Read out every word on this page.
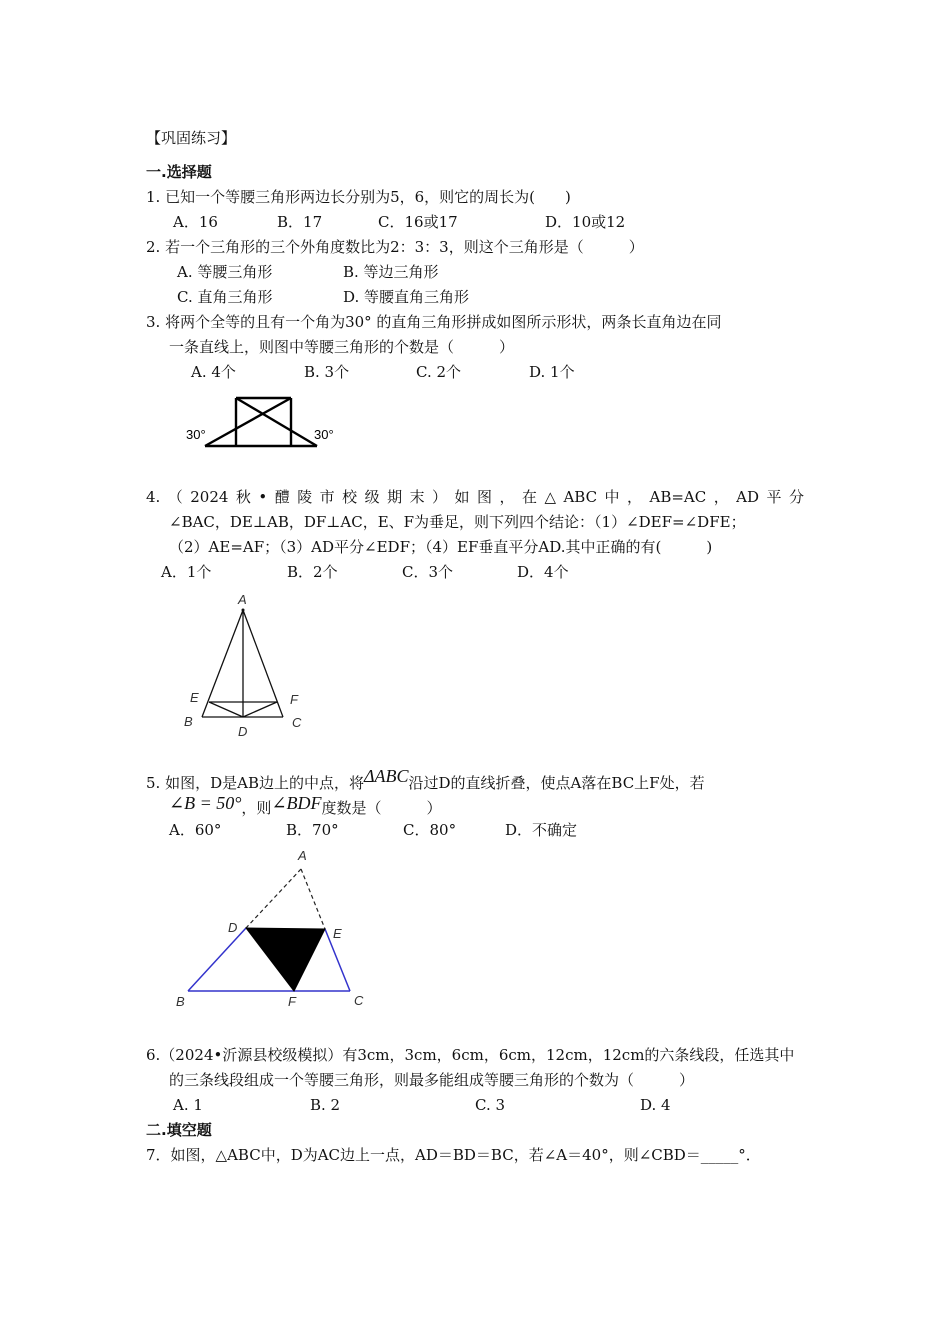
【巩固练习】
一.选择题
1. 已知一个等腰三角形两边长分别为5，6，则它的周长为(　　)
A．16	B．17	C．16或17	D．10或12
2. 若一个三角形的三个外角度数比为2：3：3，则这个三角形是（　　　）
A. 等腰三角形	B. 等边三角形
C. 直角三角形	D. 等腰直角三角形
3. 将两个全等的且有一个角为30° 的直角三角形拼成如图所示形状，两条长直角边在同
一条直线上，则图中等腰三角形的个数是（　　　）
A. 4个	B. 3个	C. 2个	D. 1个
30°	30°
4.（2024秋•醴陵市校级期末）如图，在△ABC中，AB=AC，AD平分
∠BAC，DE⊥AB，DF⊥AC，E、F为垂足，则下列四个结论：（1）∠DEF=∠DFE；
（2）AE=AF；（3）AD平分∠EDF；（4）EF垂直平分AD.其中正确的有(　　　)
A．1个	B．2个	C．3个	D．4个
A
E	F
B	C
D
5. 如图，D是AB边上的中点，将ΔABC沿过D的直线折叠，使点A落在BC上F处，若
∠B = 50°，则∠BDF度数是（　　　）
A．60°	B．70°	C．80°	D．不确定
A
D	E
B	F	C
6.（2024•沂源县校级模拟）有3cm，3cm，6cm，6cm，12cm，12cm的六条线段，任选其中
的三条线段组成一个等腰三角形，则最多能组成等腰三角形的个数为（　　　）
A. 1	B. 2	C. 3	D. 4
二.填空题
7．如图，△ABC中，D为AC边上一点，AD＝BD＝BC，若∠A＝40°，则∠CBD＝_____°．
